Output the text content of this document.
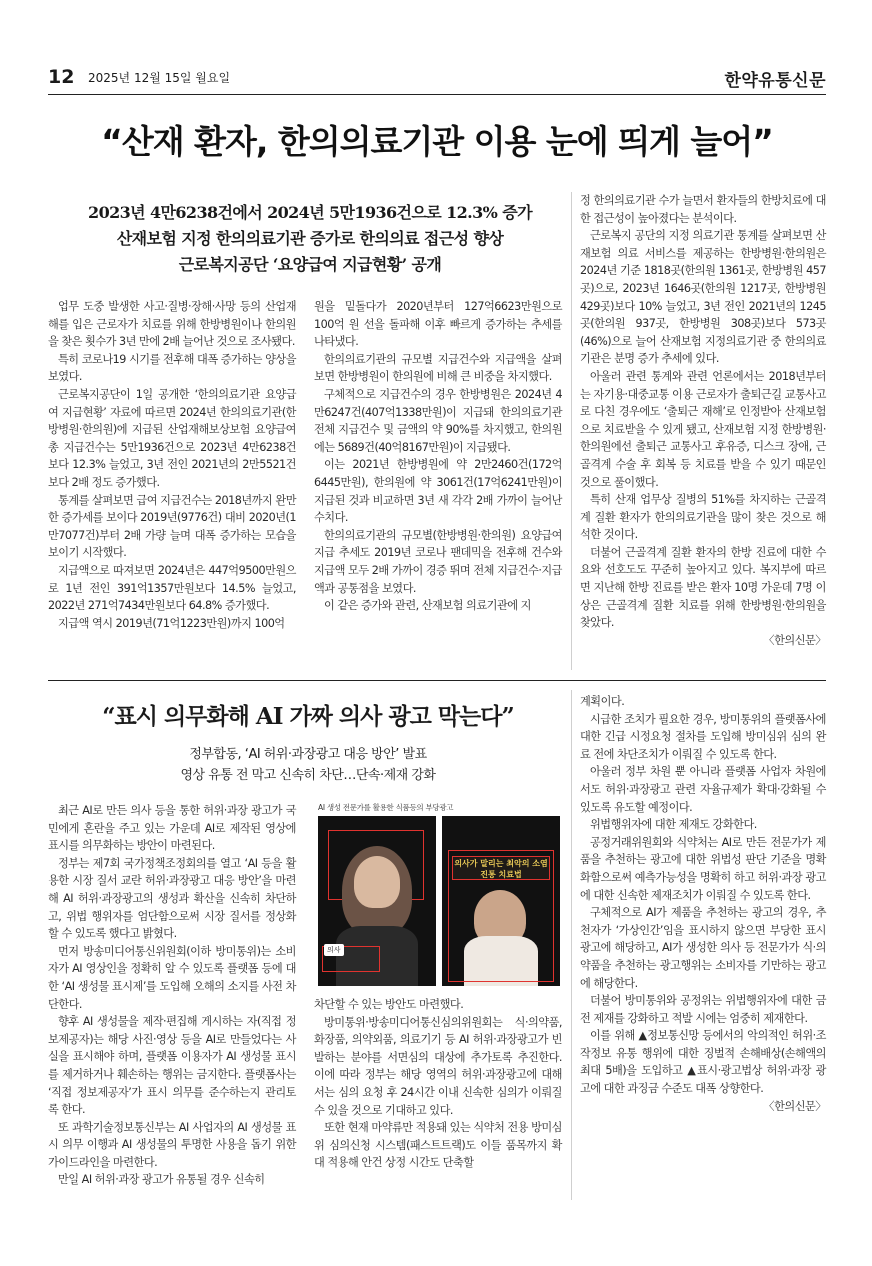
12 2025년 12월 15일 월요일	한약유통신문
“산재 환자, 한의의료기관 이용 눈에 띄게 늘어”
2023년 4만6238건에서 2024년 5만1936건으로 12.3% 증가
산재보험 지정 한의의료기관 증가로 한의의료 접근성 향상
근로복지공단 ‘요양급여 지급현황’ 공개

업무 도중 발생한 사고·질병·장해·사망 등의 산업재해를 입은 근로자가 치료를 위해 한방병원이나 한의원을 찾은 횟수가 3년 만에 2배 늘어난 것으로 조사됐다.

특히 코로나19 시기를 전후해 대폭 증가하는 양상을 보였다.

근로복지공단이 1일 공개한 ‘한의의료기관 요양급여 지급현황’ 자료에 따르면 2024년 한의의료기관(한방병원·한의원)에 지급된 산업재해보상보험 요양급여 총 지급건수는 5만1936건으로 2023년 4만6238건보다 12.3% 늘었고, 3년 전인 2021년의 2만5521건보다 2배 정도 증가했다.

통계를 살펴보면 급여 지급건수는 2018년까지 완만한 증가세를 보이다 2019년(9776건) 대비 2020년(1만7077건)부터 2배 가량 늘며 대폭 증가하는 모습을 보이기 시작했다.

지급액으로 따져보면 2024년은 447억9500만원으로 1년 전인 391억1357만원보다 14.5% 늘었고, 2022년 271억7434만원보다 64.8% 증가했다.

지급액 역시 2019년(71억1223만원)까지 100억

원을 밑돌다가 2020년부터 127억6623만원으로 100억 원 선을 돌파해 이후 빠르게 증가하는 추세를 나타냈다.

한의의료기관의 규모별 지급건수와 지급액을 살펴보면 한방병원이 한의원에 비해 큰 비중을 차지했다.

구체적으로 지급건수의 경우 한방병원은 2024년 4만6247건(407억1338만원)이 지급돼 한의의료기관 전체 지급건수 및 금액의 약 90%를 차지했고, 한의원에는 5689건(40억8167만원)이 지급됐다.

이는 2021년 한방병원에 약 2만2460건(172억6445만원), 한의원에 약 3061건(17억6241만원)이 지급된 것과 비교하면 3년 새 각각 2배 가까이 늘어난 수치다.

한의의료기관의 규모별(한방병원·한의원) 요양급여 지급 추세도 2019년 코로나 팬데믹을 전후해 건수와 지급액 모두 2배 가까이 경증 뛰며 전체 지급건수·지급액과 공통점을 보였다.

이 같은 증가와 관련, 산재보험 의료기관에 지

정 한의의료기관 수가 늘면서 환자들의 한방치료에 대한 접근성이 높아졌다는 분석이다.

근로복지 공단의 지정 의료기관 통계를 살펴보면 산재보험 의료 서비스를 제공하는 한방병원·한의원은 2024년 기준 1818곳(한의원 1361곳, 한방병원 457곳)으로, 2023년 1646곳(한의원 1217곳, 한방병원 429곳)보다 10% 늘었고, 3년 전인 2021년의 1245곳(한의원 937곳, 한방병원 308곳)보다 573곳(46%)으로 늘어 산재보험 지정의료기관 중 한의의료기관은 분명 증가 추세에 있다.

아울러 관련 통계와 관련 언론에서는 2018년부터는 자기용·대중교통 이용 근로자가 출퇴근길 교통사고로 다친 경우에도 ‘출퇴근 재해’로 인정받아 산재보험으로 치료받을 수 있게 됐고, 산재보험 지정 한방병원·한의원에선 출퇴근 교통사고 후유증, 디스크 장애, 근골격계 수술 후 회복 등 치료를 받을 수 있기 때문인 것으로 풀이했다.

특히 산재 업무상 질병의 51%를 차지하는 근골격계 질환 환자가 한의의료기관을 많이 찾은 것으로 해석한 것이다.

더불어 근골격계 질환 환자의 한방 진료에 대한 수요와 선호도도 꾸준히 높아지고 있다. 복지부에 따르면 지난해 한방 진료를 받은 환자 10명 가운데 7명 이상은 근골격계 질환 치료를 위해 한방병원·한의원을 찾았다.

〈한의신문〉
“표시 의무화해 AI 가짜 의사 광고 막는다”
정부합동, ‘AI 허위·과장광고 대응 방안’ 발표
영상 유통 전 막고 신속히 차단…단속·제재 강화

최근 AI로 만든 의사 등을 통한 허위·과장 광고가 국민에게 혼란을 주고 있는 가운데 AI로 제작된 영상에 표시를 의무화하는 방안이 마련된다.

정부는 제7회 국가정책조정회의를 열고 ‘AI 등을 활용한 시장 질서 교란 허위·과장광고 대응 방안’을 마련해 AI 허위·과장광고의 생성과 확산을 신속히 차단하고, 위법 행위자를 엄단함으로써 시장 질서를 정상화할 수 있도록 했다고 밝혔다.

먼저 방송미디어통신위원회(이하 방미통위)는 소비자가 AI 영상인을 정확히 알 수 있도록 플랫폼 등에 대한 ‘AI 생성물 표시제’를 도입해 오해의 소지를 사전 차단한다.

향후 AI 생성물을 제작·편집해 게시하는 자(직접 정보제공자)는 해당 사진·영상 등을 AI로 만들었다는 사실을 표시해야 하며, 플랫폼 이용자가 AI 생성물 표시를 제거하거나 훼손하는 행위는 금지한다. 플랫폼사는 ‘직접 정보제공자’가 표시 의무를 준수하는지 관리토록 한다.

또 과학기술정보통신부는 AI 사업자의 AI 생성물 표시 의무 이행과 AI 생성물의 투명한 사용을 돕기 위한 가이드라인을 마련한다.

만일 AI 허위·과장 광고가 유통될 경우 신속히

AI 생성 전문가를 활용한 식품등의 부당광고
의사
의사가 말리는 최악의 소염진통 치료법

차단할 수 있는 방안도 마련했다.

방미통위·방송미디어통신심의위원회는 식·의약품, 화장품, 의약외품, 의료기기 등 AI 허위·과장광고가 빈발하는 분야를 서면심의 대상에 추가토록 추진한다. 이에 따라 정부는 해당 영역의 허위·과장광고에 대해서는 심의 요청 후 24시간 이내 신속한 심의가 이뤄질 수 있을 것으로 기대하고 있다.

또한 현재 마약류만 적용돼 있는 식약처 전용 방미심위 심의신청 시스템(패스트트랙)도 이들 품목까지 확대 적용해 안건 상정 시간도 단축할

계획이다.

시급한 조치가 필요한 경우, 방미통위의 플랫폼사에 대한 긴급 시정요청 절차를 도입해 방미심위 심의 완료 전에 차단조치가 이뤄질 수 있도록 한다.

아울러 정부 차원 뿐 아니라 플랫폼 사업자 차원에서도 허위·과장광고 관련 자율규제가 확대·강화될 수 있도록 유도할 예정이다.

위법행위자에 대한 제재도 강화한다.

공정거래위원회와 식약처는 AI로 만든 전문가가 제품을 추천하는 광고에 대한 위법성 판단 기준을 명확화함으로써 예측가능성을 명확히 하고 허위·과장 광고에 대한 신속한 제재조치가 이뤄질 수 있도록 한다.

구체적으로 AI가 제품을 추천하는 광고의 경우, 추천자가 ‘가상인간’임을 표시하지 않으면 부당한 표시광고에 해당하고, AI가 생성한 의사 등 전문가가 식·의약품을 추천하는 광고행위는 소비자를 기만하는 광고에 해당한다.

더불어 방미통위와 공정위는 위법행위자에 대한 금전 제재를 강화하고 적발 시에는 엄중히 제재한다.

이를 위해 ▲정보통신망 등에서의 악의적인 허위·조작정보 유통 행위에 대한 징벌적 손해배상(손해액의 최대 5배)을 도입하고 ▲표시·광고법상 허위·과장 광고에 대한 과징금 수준도 대폭 상향한다.

〈한의신문〉
